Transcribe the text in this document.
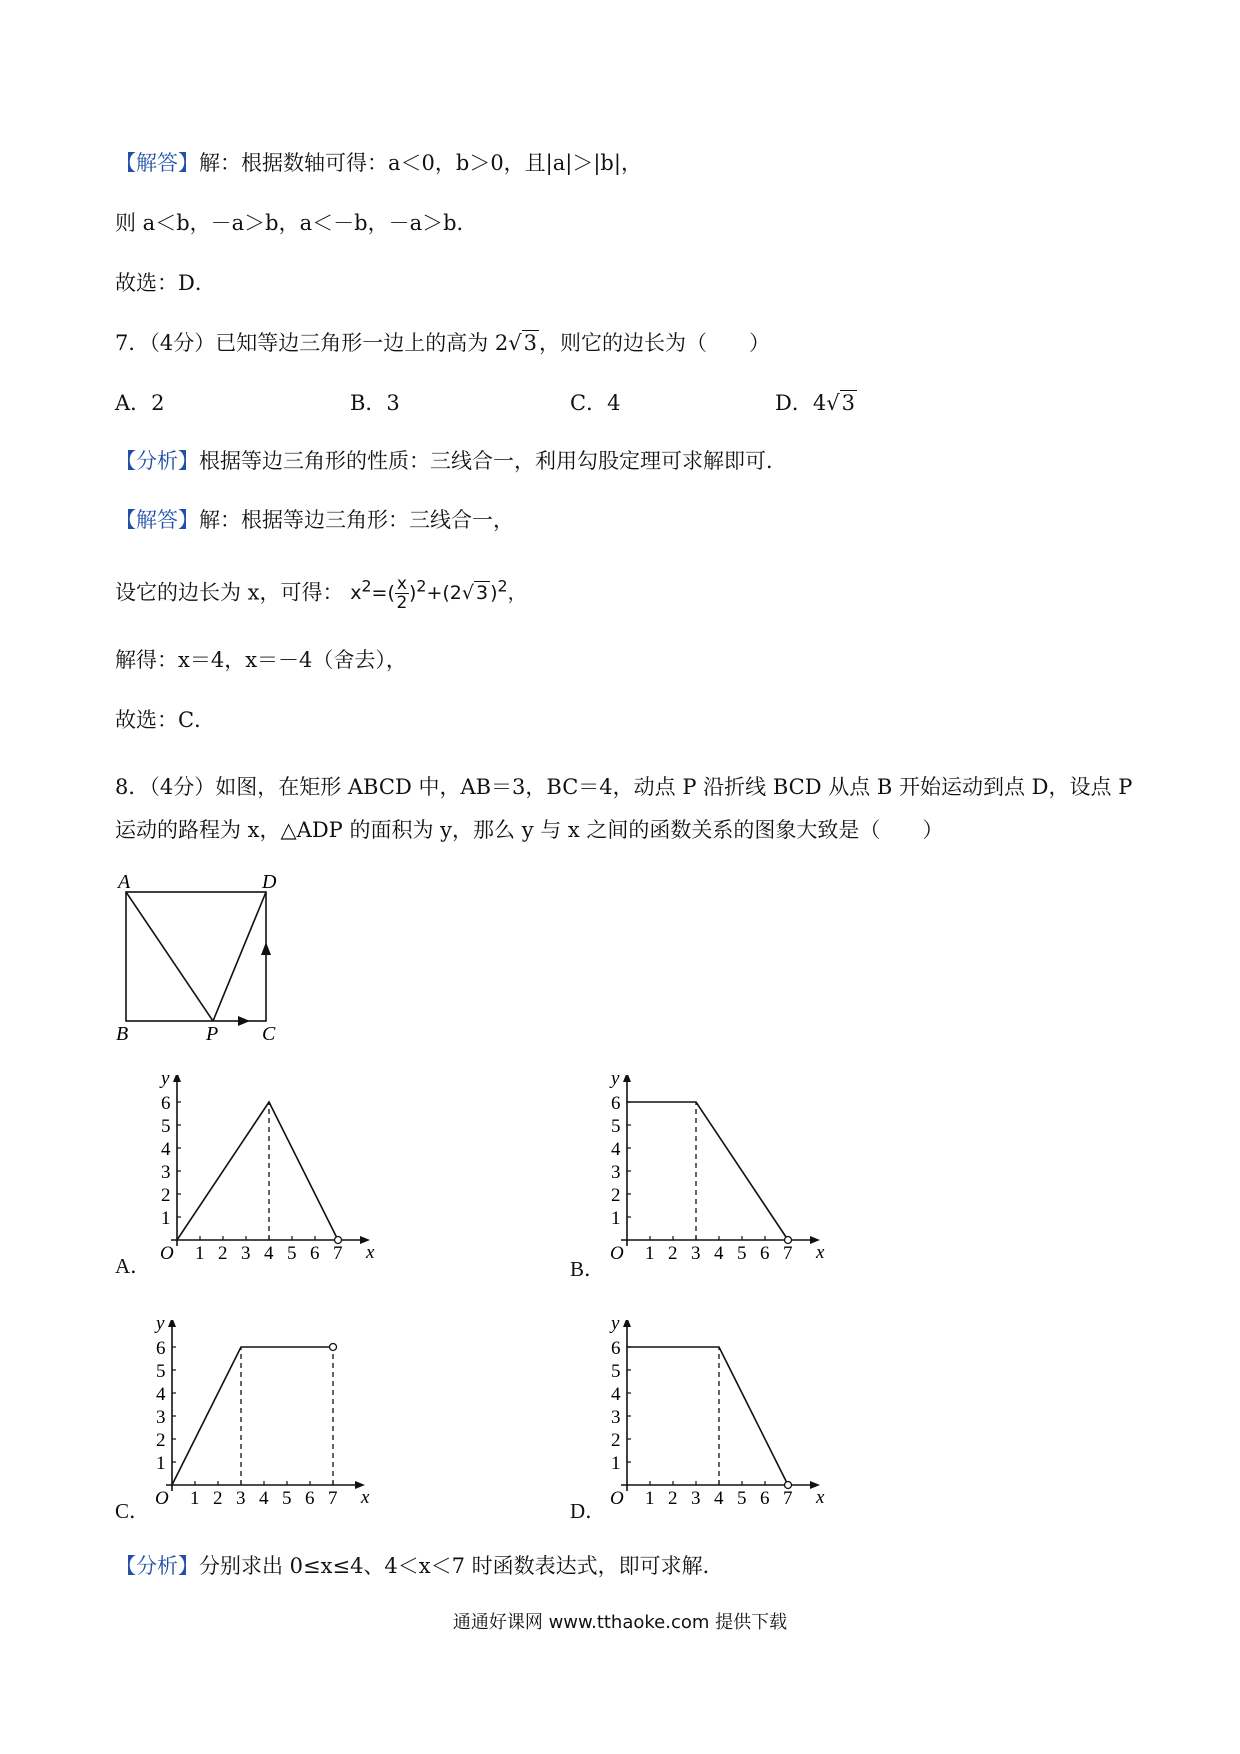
【解答】解：根据数轴可得：a＜0，b＞0，且|a|＞|b|，
则 a＜b，－a＞b，a＜－b，－a＞b．
故选：D．
7．（4分）已知等边三角形一边上的高为 2√3，则它的边长为（　　）
A．2	B．3	C．4	D．4√3
【分析】根据等边三角形的性质：三线合一，利用勾股定理可求解即可．
【解答】解：根据等边三角形：三线合一，
设它的边长为 x，可得： $x^2=( \frac{x}{2} )^2+(2√$ 3 )$^2$，
解得：x＝4，x＝－4（舍去），
故选：C．
8．（4分）如图，在矩形 ABCD 中，AB＝3，BC＝4，动点 P 沿折线 BCD 从点 B 开始运动到点 D，设点 P
运动的路程为 x，△ADP 的面积为 y，那么 y 与 x 之间的函数关系的图象大致是（　　）
A	D
B	P C
A．	B．
C．	D．
x
y
O 1 2 3 4 5 6 7
1
2
3
4
5
6
x
y
O 1 2 3 4 5 6 7
1
2
3
4
5
6
x
y
O 1 2 3 4 5 6 7
1
2
3
4
5
6
x
y
O 1 2 3 4 5 6 7
1
2
3
4
5
6
【分析】分别求出 0≤x≤4、4＜x＜7 时函数表达式，即可求解．
通通好课网 www.tthaoke.com 提供下载
